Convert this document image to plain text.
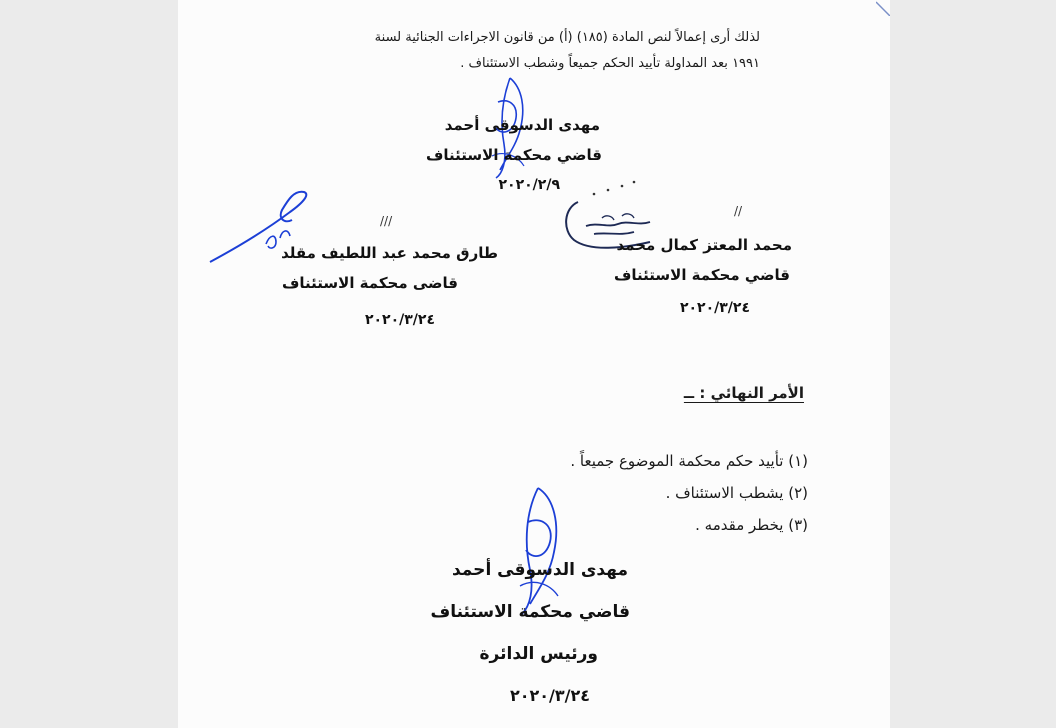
لذلك أرى إعمالاً لنص المادة (١٨٥) (أ) من قانون الاجراءات الجنائية لسنة
١٩٩١ بعد المداولة تأييد الحكم جميعاً وشطب الاستئناف .
مهدى الدسوقى أحمد
قاضي محكمة الاستئناف
٢٠٢٠/٢/٩
///
طارق محمد عبد اللطيف مقلد
قاضى محكمة الاستئناف
٢٠٢٠/٣/٢٤
//
محمد المعتز كمال محمد
قاضي محكمة الاستئناف
٢٠٢٠/٣/٢٤
الأمر النهائي : ــ
(١) تأييد حكم محكمة الموضوع جميعاً .
(٢) يشطب الاستئناف .
(٣) يخطر مقدمه .
مهدى الدسوقى أحمد
قاضي محكمة الاستئناف
ورئيس الدائرة
٢٠٢٠/٣/٢٤
